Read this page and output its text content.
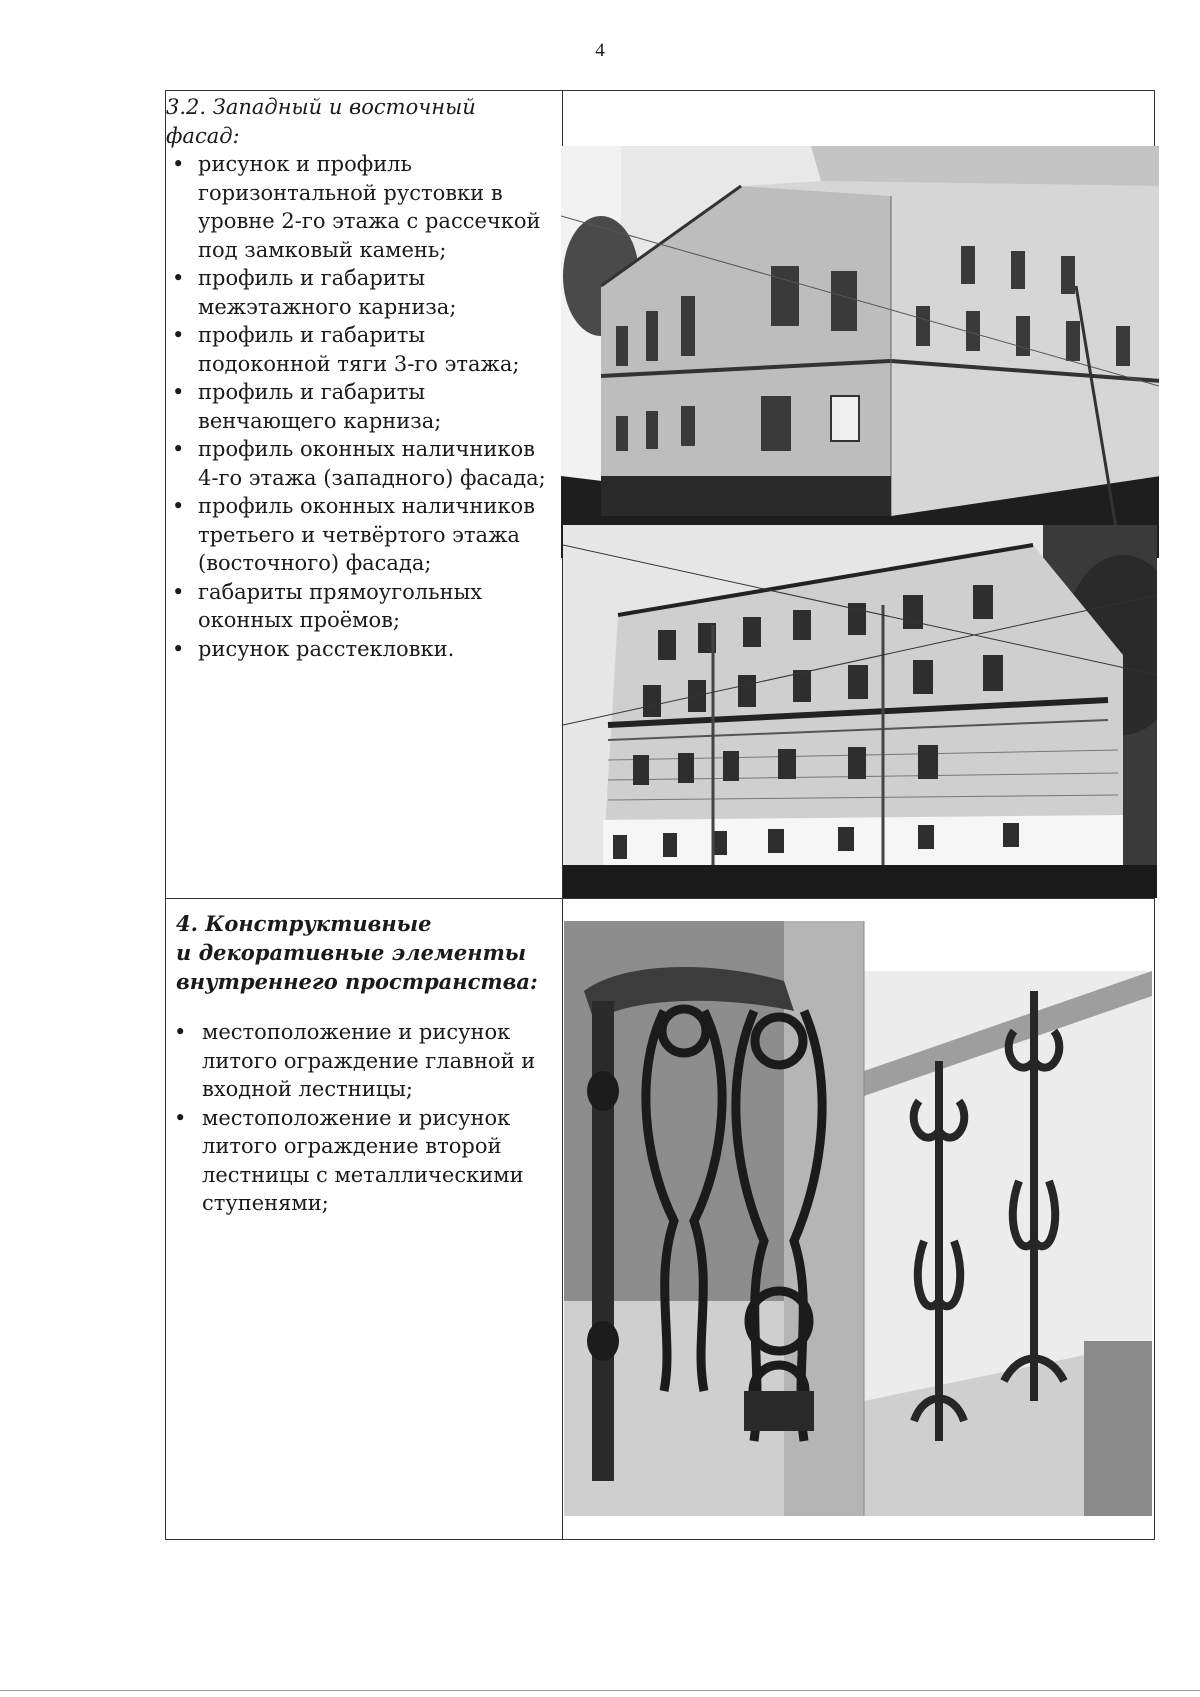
4

3.2. Западный и восточный фасад:

• рисунок и профиль горизонтальной рустовки в уровне 2-го этажа с рассечкой под замковый камень;
• профиль и габариты межэтажного карниза;
• профиль и габариты подоконной тяги 3-го этажа;
• профиль и габариты венчающего карниза;
• профиль оконных наличников 4-го этажа (западного) фасада;
• профиль оконных наличников третьего и четвёртого этажа (восточного) фасада;
• габариты прямоугольных оконных проёмов;
• рисунок расстекловки.

4. Конструктивные
и декоративные элементы
внутреннего пространства:

• местоположение и рисунок литого ограждение главной и входной лестницы;
• местоположение и рисунок литого ограждение второй лестницы с металлическими ступенями;
